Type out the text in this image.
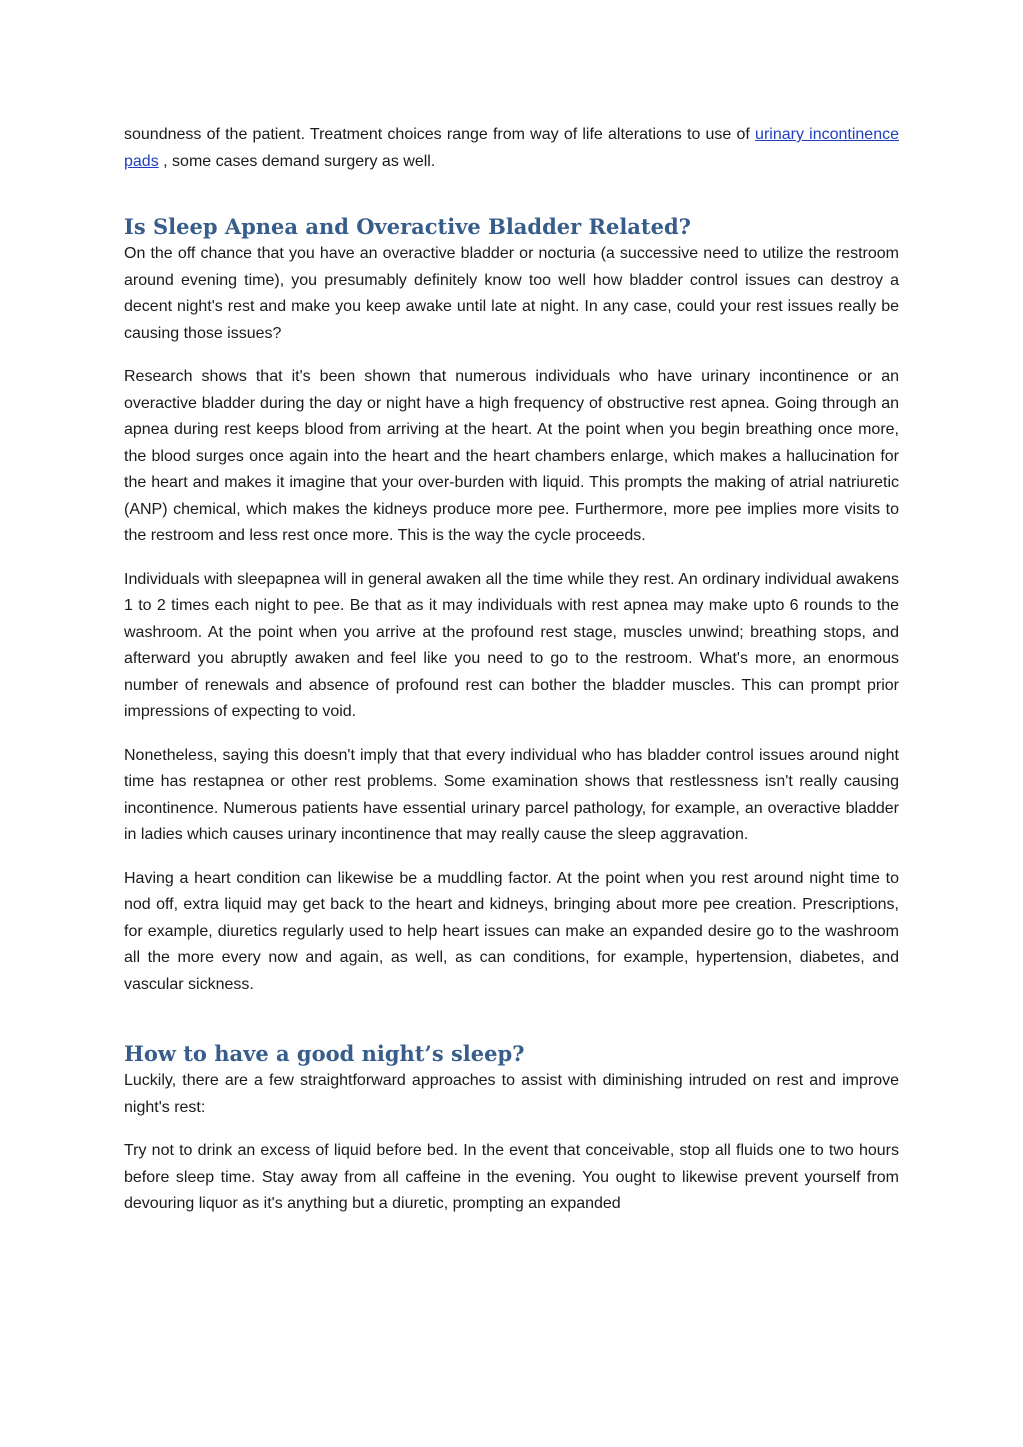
soundness of the patient. Treatment choices range from way of life alterations to use of urinary incontinence pads , some cases demand surgery as well.

Is Sleep Apnea and Overactive Bladder Related?

On the off chance that you have an overactive bladder or nocturia (a successive need to utilize the restroom around evening time), you presumably definitely know too well how bladder control issues can destroy a decent night's rest and make you keep awake until late at night. In any case, could your rest issues really be causing those issues?

Research shows that it's been shown that numerous individuals who have urinary incontinence or an overactive bladder during the day or night have a high frequency of obstructive rest apnea. Going through an apnea during rest keeps blood from arriving at the heart. At the point when you begin breathing once more, the blood surges once again into the heart and the heart chambers enlarge, which makes a hallucination for the heart and makes it imagine that your over-burden with liquid. This prompts the making of atrial natriuretic (ANP) chemical, which makes the kidneys produce more pee. Furthermore, more pee implies more visits to the restroom and less rest once more. This is the way the cycle proceeds.

Individuals with sleepapnea will in general awaken all the time while they rest. An ordinary individual awakens 1 to 2 times each night to pee. Be that as it may individuals with rest apnea may make upto 6 rounds to the washroom. At the point when you arrive at the profound rest stage, muscles unwind; breathing stops, and afterward you abruptly awaken and feel like you need to go to the restroom. What's more, an enormous number of renewals and absence of profound rest can bother the bladder muscles. This can prompt prior impressions of expecting to void.

Nonetheless, saying this doesn't imply that that every individual who has bladder control issues around night time has restapnea or other rest problems. Some examination shows that restlessness isn't really causing incontinence. Numerous patients have essential urinary parcel pathology, for example, an overactive bladder in ladies which causes urinary incontinence that may really cause the sleep aggravation.

Having a heart condition can likewise be a muddling factor. At the point when you rest around night time to nod off, extra liquid may get back to the heart and kidneys, bringing about more pee creation. Prescriptions, for example, diuretics regularly used to help heart issues can make an expanded desire go to the washroom all the more every now and again, as well, as can conditions, for example, hypertension, diabetes, and vascular sickness.

How to have a good night’s sleep?

Luckily, there are a few straightforward approaches to assist with diminishing intruded on rest and improve night's rest:

Try not to drink an excess of liquid before bed. In the event that conceivable, stop all fluids one to two hours before sleep time. Stay away from all caffeine in the evening. You ought to likewise prevent yourself from devouring liquor as it's anything but a diuretic, prompting an expanded
